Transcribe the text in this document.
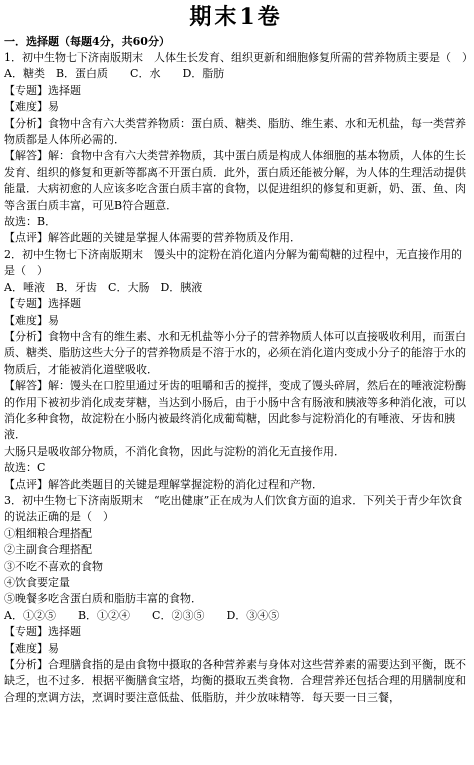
期末1卷
一．选择题（每题4分，共60分）
1．初中生物七下济南版期末　人体生长发育、组织更新和细胞修复所需的营养物质主要是（　）
A．糖类　B．蛋白质　　C．水　　D．脂肪
【专题】选择题
【难度】易
【分析】食物中含有六大类营养物质：蛋白质、糖类、脂肪、维生素、水和无机盐，每一类营养物质都是人体所必需的．
【解答】解：食物中含有六大类营养物质，其中蛋白质是构成人体细胞的基本物质，人体的生长发育、组织的修复和更新等都离不开蛋白质．此外，蛋白质还能被分解，为人体的生理活动提供能量．大病初愈的人应该多吃含蛋白质丰富的食物，以促进组织的修复和更新，奶、蛋、鱼、肉等含蛋白质丰富，可见B符合题意．
故选：B．
【点评】解答此题的关键是掌握人体需要的营养物质及作用．
2．初中生物七下济南版期末　馒头中的淀粉在消化道内分解为葡萄糖的过程中，无直接作用的是（　）
A．唾液　B．牙齿　C．大肠　D．胰液
【专题】选择题
【难度】易
【分析】食物中含有的维生素、水和无机盐等小分子的营养物质人体可以直接吸收利用，而蛋白质、糖类、脂肪这些大分子的营养物质是不溶于水的，必须在消化道内变成小分子的能溶于水的物质后，才能被消化道壁吸收．
【解答】解：馒头在口腔里通过牙齿的咀嚼和舌的搅拌，变成了馒头碎屑，然后在的唾液淀粉酶的作用下被初步消化成麦芽糖，当达到小肠后，由于小肠中含有肠液和胰液等多种消化液，可以消化多种食物，故淀粉在小肠内被最终消化成葡萄糖，因此参与淀粉消化的有唾液、牙齿和胰液．
大肠只是吸收部分物质，不消化食物，因此与淀粉的消化无直接作用．
故选：C
【点评】解答此类题目的关键是理解掌握淀粉的消化过程和产物．
3．初中生物七下济南版期末　“吃出健康”正在成为人们饮食方面的追求．下列关于青少年饮食的说法正确的是（　）
①粗细粮合理搭配
②主副食合理搭配
③不吃不喜欢的食物
④饮食要定量
⑤晚餐多吃含蛋白质和脂肪丰富的食物．
A．①②⑤　　B．①②④　　C．②③⑤　　D．③④⑤
【专题】选择题
【难度】易
【分析】合理膳食指的是由食物中摄取的各种营养素与身体对这些营养素的需要达到平衡，既不缺乏，也不过多．根据平衡膳食宝塔，均衡的摄取五类食物．合理营养还包括合理的用膳制度和合理的烹调方法，烹调时要注意低盐、低脂肪，并少放味精等．每天要一日三餐，
